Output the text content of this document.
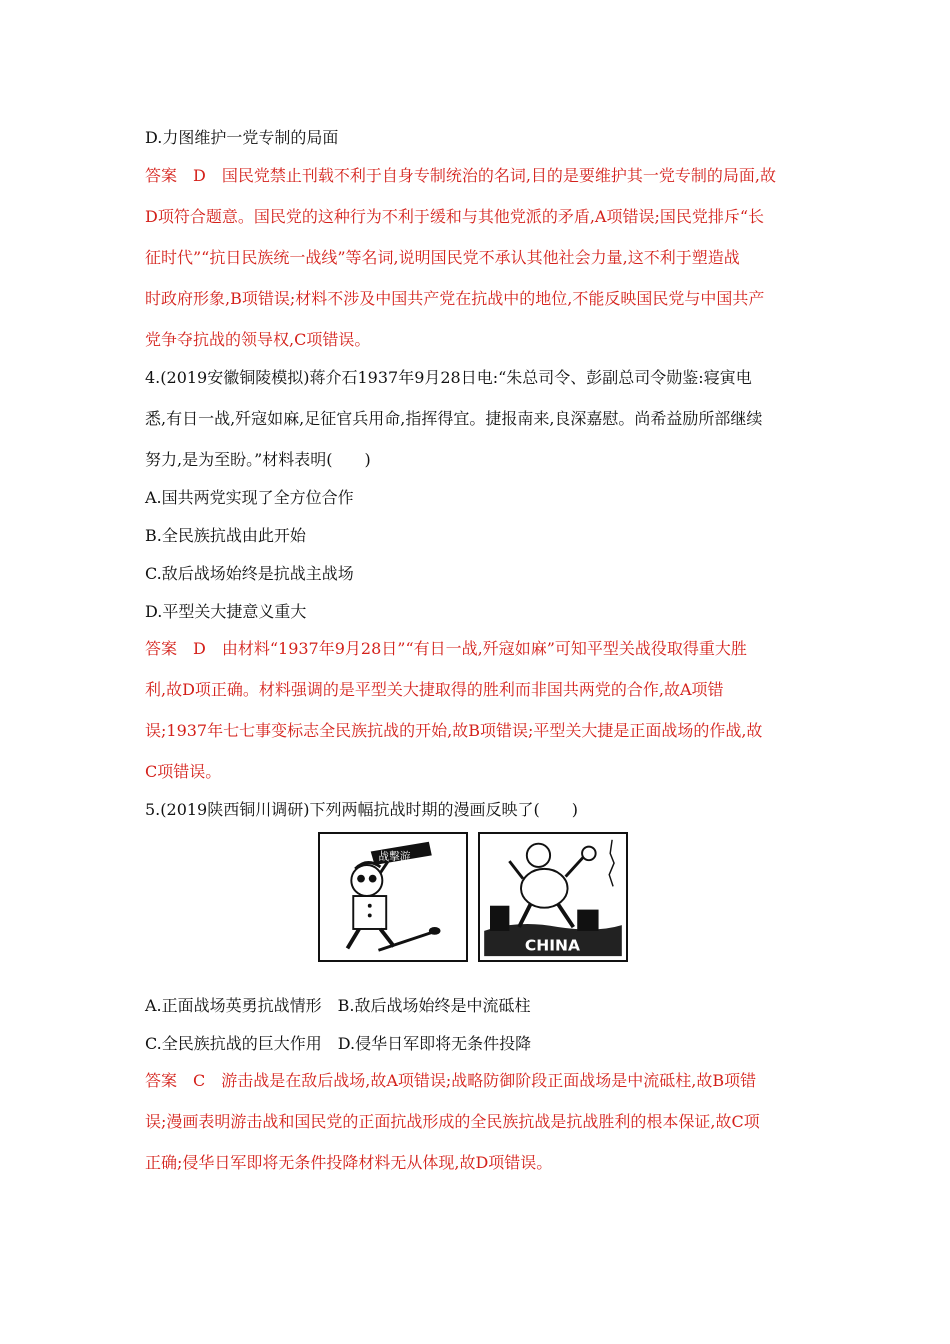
D.力图维护一党专制的局面
答案　D　国民党禁止刊载不利于自身专制统治的名词,目的是要维护其一党专制的局面,故
D项符合题意。国民党的这种行为不利于缓和与其他党派的矛盾,A项错误;国民党排斥“长
征时代”“抗日民族统一战线”等名词,说明国民党不承认其他社会力量,这不利于塑造战
时政府形象,B项错误;材料不涉及中国共产党在抗战中的地位,不能反映国民党与中国共产
党争夺抗战的领导权,C项错误。
4.(2019安徽铜陵模拟)蒋介石1937年9月28日电:“朱总司令、彭副总司令勋鉴:寝寅电
悉,有日一战,歼寇如麻,足征官兵用命,指挥得宜。捷报南来,良深嘉慰。尚希益励所部继续
努力,是为至盼。”材料表明(　　)
A.国共两党实现了全方位合作
B.全民族抗战由此开始
C.敌后战场始终是抗战主战场
D.平型关大捷意义重大
答案　D　由材料“1937年9月28日”“有日一战,歼寇如麻”可知平型关战役取得重大胜
利,故D项正确。材料强调的是平型关大捷取得的胜利而非国共两党的合作,故A项错
误;1937年七七事变标志全民族抗战的开始,故B项错误;平型关大捷是正面战场的作战,故
C项错误。
5.(2019陕西铜川调研)下列两幅抗战时期的漫画反映了(　　)
战擊游
CHINA
A.正面战场英勇抗战情形　B.敌后战场始终是中流砥柱
C.全民族抗战的巨大作用　D.侵华日军即将无条件投降
答案　C　游击战是在敌后战场,故A项错误;战略防御阶段正面战场是中流砥柱,故B项错
误;漫画表明游击战和国民党的正面抗战形成的全民族抗战是抗战胜利的根本保证,故C项
正确;侵华日军即将无条件投降材料无从体现,故D项错误。
